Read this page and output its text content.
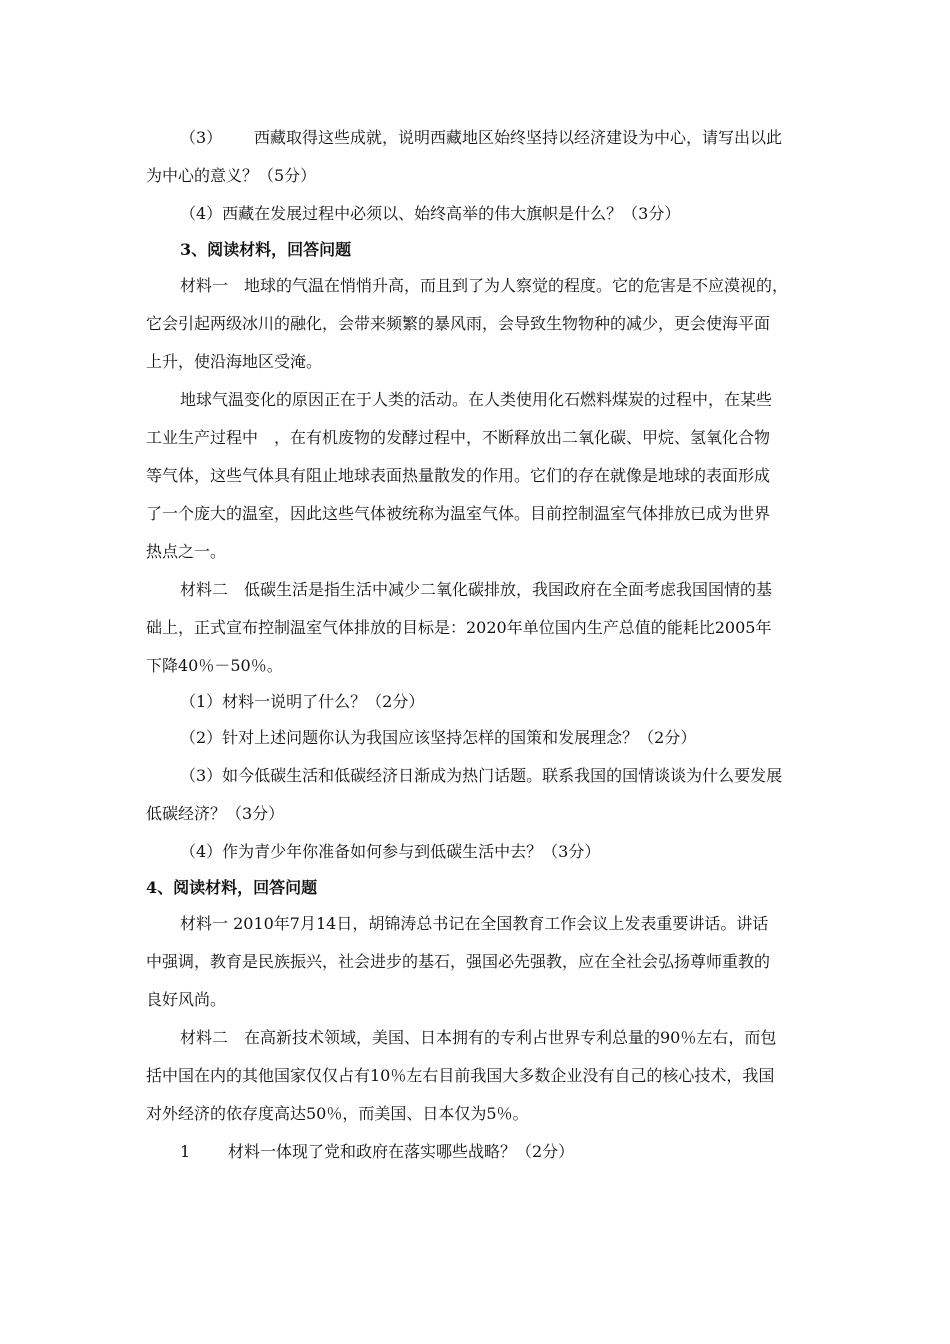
（3） 西藏取得这些成就，说明西藏地区始终坚持以经济建设为中心，请写出以此
为中心的意义？（5分）
（4）西藏在发展过程中必须以、始终高举的伟大旗帜是什么？（3分）
3、阅读材料，回答问题
材料一　地球的气温在悄悄升高，而且到了为人察觉的程度。它的危害是不应漠视的，
它会引起两级冰川的融化，会带来频繁的暴风雨，会导致生物物种的减少，更会使海平面
上升，使沿海地区受淹。
地球气温变化的原因正在于人类的活动。在人类使用化石燃料煤炭的过程中，在某些
工业生产过程中　，在有机废物的发酵过程中，不断释放出二氧化碳、甲烷、氢氧化合物
等气体，这些气体具有阻止地球表面热量散发的作用。它们的存在就像是地球的表面形成
了一个庞大的温室，因此这些气体被统称为温室气体。目前控制温室气体排放已成为世界
热点之一。
材料二　低碳生活是指生活中减少二氧化碳排放，我国政府在全面考虑我国国情的基
础上，正式宣布控制温室气体排放的目标是：2020年单位国内生产总值的能耗比2005年
下降40％－50％。
（1）材料一说明了什么？（2分）
（2）针对上述问题你认为我国应该坚持怎样的国策和发展理念？（2分）
（3）如今低碳生活和低碳经济日渐成为热门话题。联系我国的国情谈谈为什么要发展
低碳经济？（3分）
（4）作为青少年你准备如何参与到低碳生活中去？（3分）
4、阅读材料，回答问题
材料一 2010年7月14日，胡锦涛总书记在全国教育工作会议上发表重要讲话。讲话
中强调，教育是民族振兴，社会进步的基石，强国必先强教，应在全社会弘扬尊师重教的
良好风尚。
材料二　在高新技术领域，美国、日本拥有的专利占世界专利总量的90％左右，而包
括中国在内的其他国家仅仅占有10％左右目前我国大多数企业没有自己的核心技术，我国
对外经济的依存度高达50％，而美国、日本仅为5％。
1 材料一体现了党和政府在落实哪些战略？（2分）
